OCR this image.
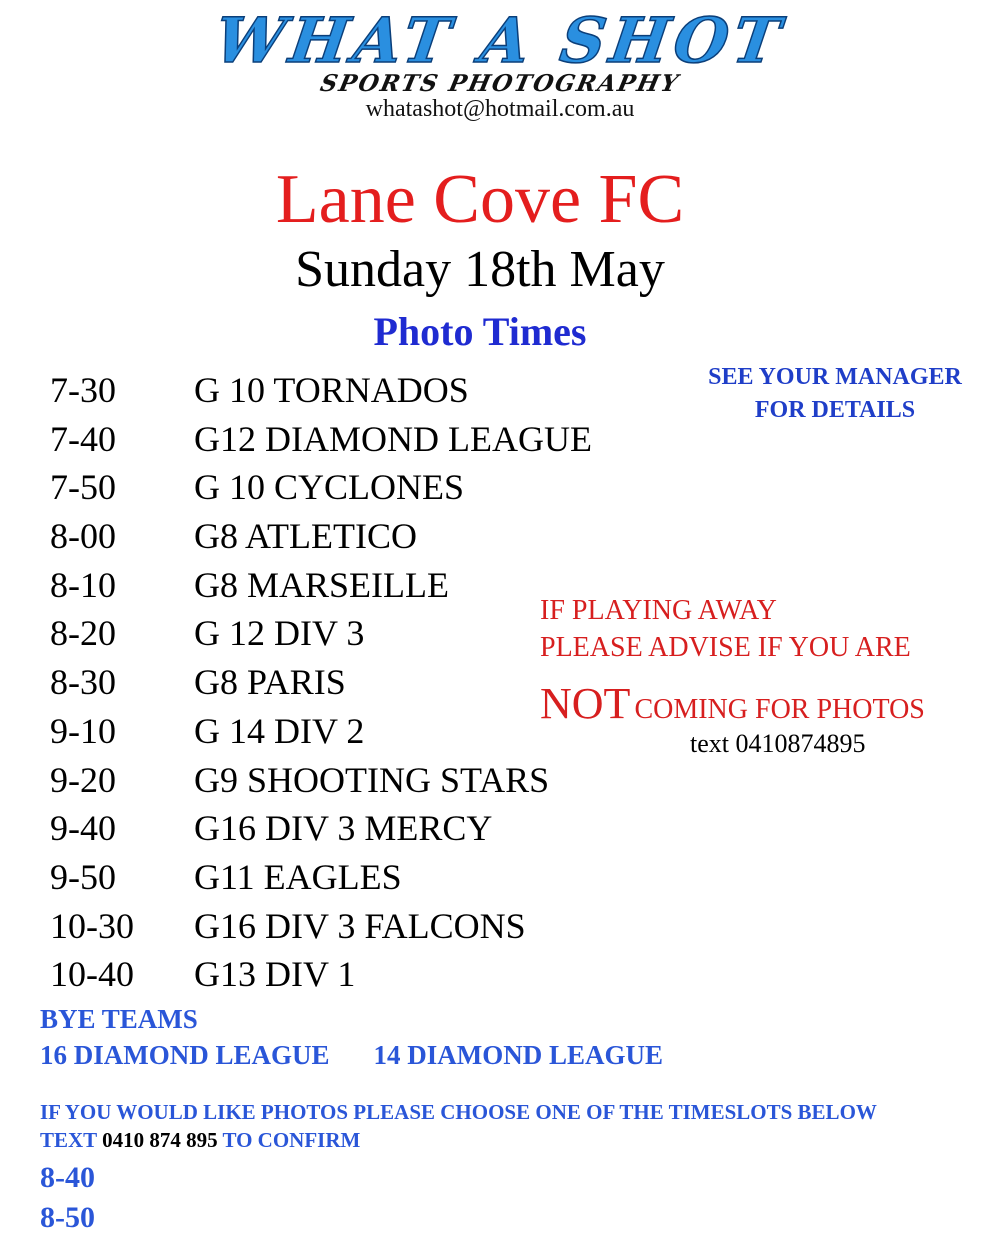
WHAT A SHOT
SPORTS PHOTOGRAPHY
whatashot@hotmail.com.au
Lane Cove FC
Sunday 18th May
Photo Times
SEE YOUR MANAGER
FOR DETAILS
7-30 G 10 TORNADOS
7-40 G12 DIAMOND LEAGUE
7-50 G 10 CYCLONES
8-00 G8 ATLETICO
8-10 G8 MARSEILLE
8-20 G 12 DIV 3
8-30 G8 PARIS
9-10 G 14 DIV 2
9-20 G9 SHOOTING STARS
9-40 G16 DIV 3 MERCY
9-50 G11 EAGLES
10-30 G16 DIV 3 FALCONS
10-40 G13 DIV 1
IF PLAYING AWAY
PLEASE ADVISE IF YOU ARE
NOT COMING FOR PHOTOS
text 0410874895
BYE TEAMS
16 DIAMOND LEAGUE 14 DIAMOND LEAGUE
IF YOU WOULD LIKE PHOTOS PLEASE CHOOSE ONE OF THE TIMESLOTS BELOW
TEXT 0410 874 895 TO CONFIRM
8-40
8-50
